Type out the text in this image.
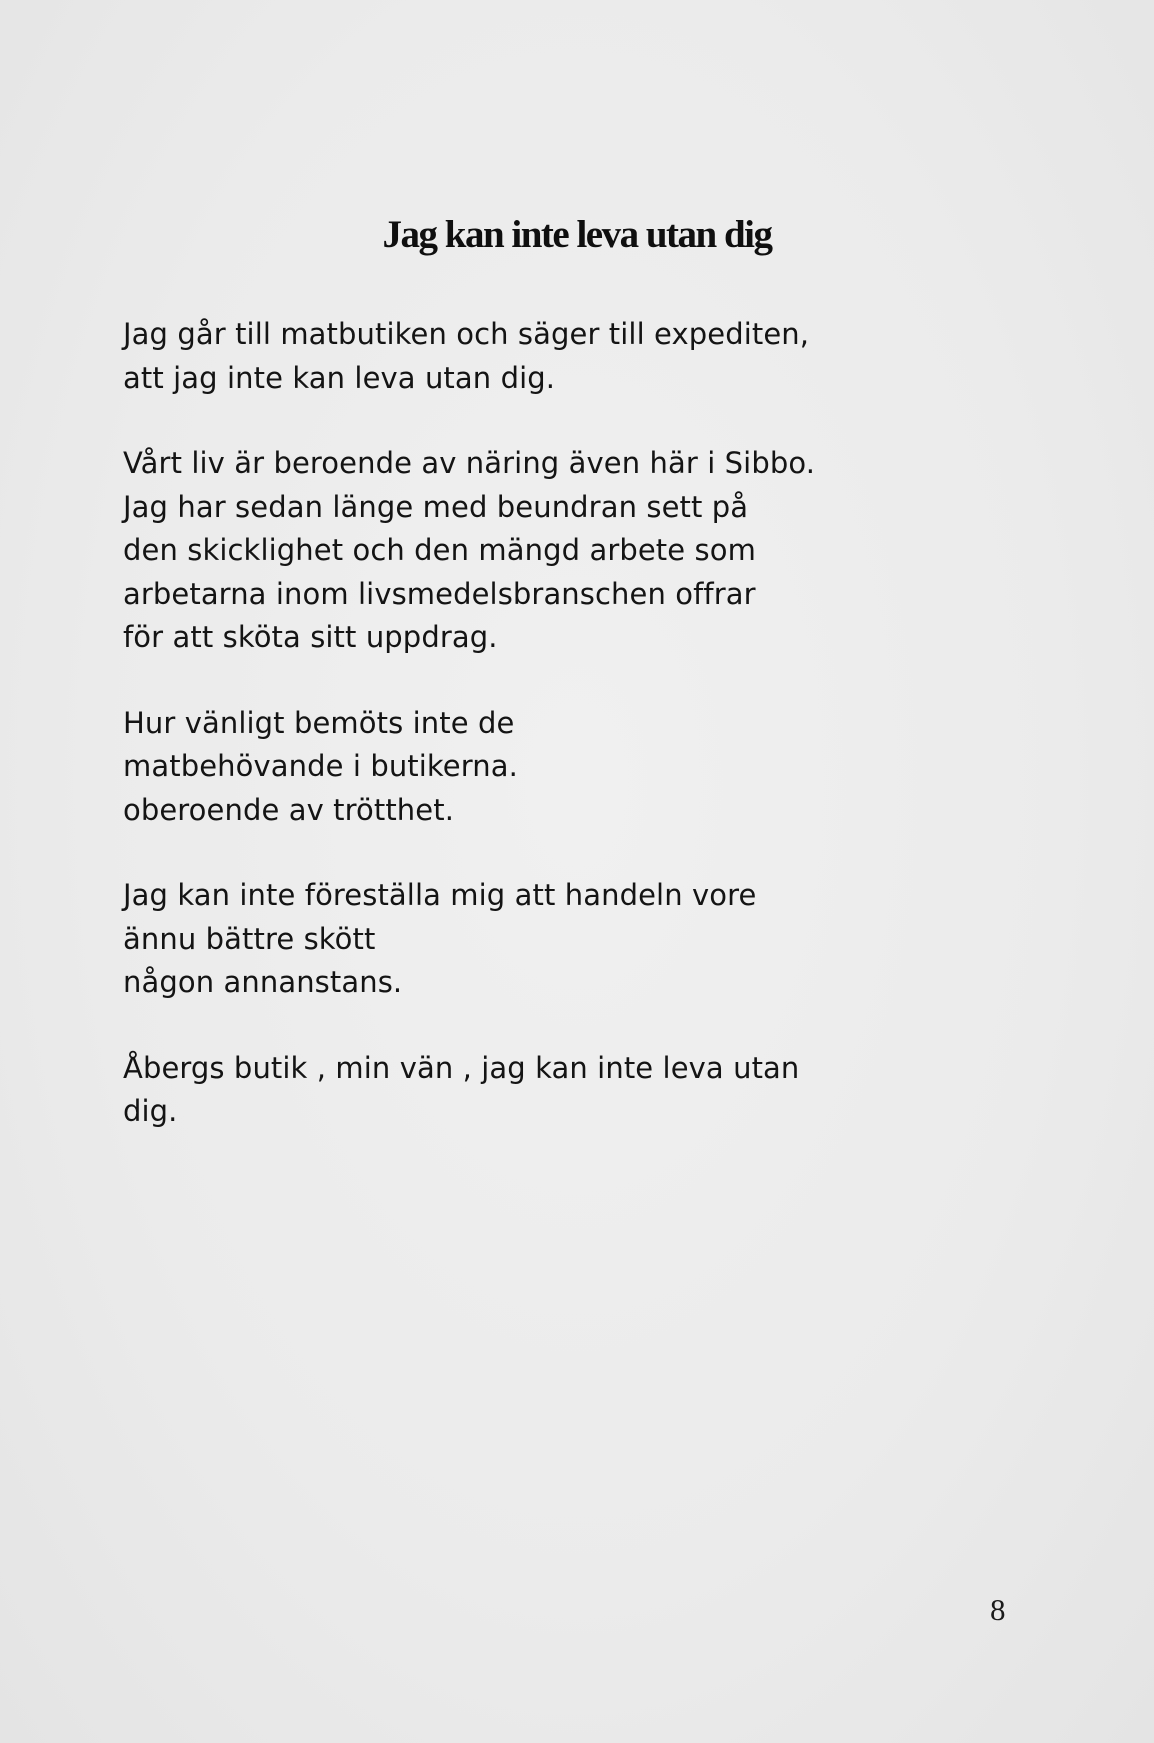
Jag kan inte leva utan dig
Jag går till matbutiken och säger till expediten,
att jag inte kan leva utan dig.
Vårt liv är beroende av näring även här i Sibbo.
Jag har sedan länge med beundran sett på
den skicklighet och den mängd arbete som
arbetarna inom livsmedelsbranschen offrar
för att sköta sitt uppdrag.
Hur vänligt bemöts inte de
matbehövande i butikerna.
oberoende av trötthet.
Jag kan inte föreställa mig att handeln vore
ännu bättre skött
någon annanstans.
Åbergs butik , min vän , jag kan inte leva utan
dig.
8
